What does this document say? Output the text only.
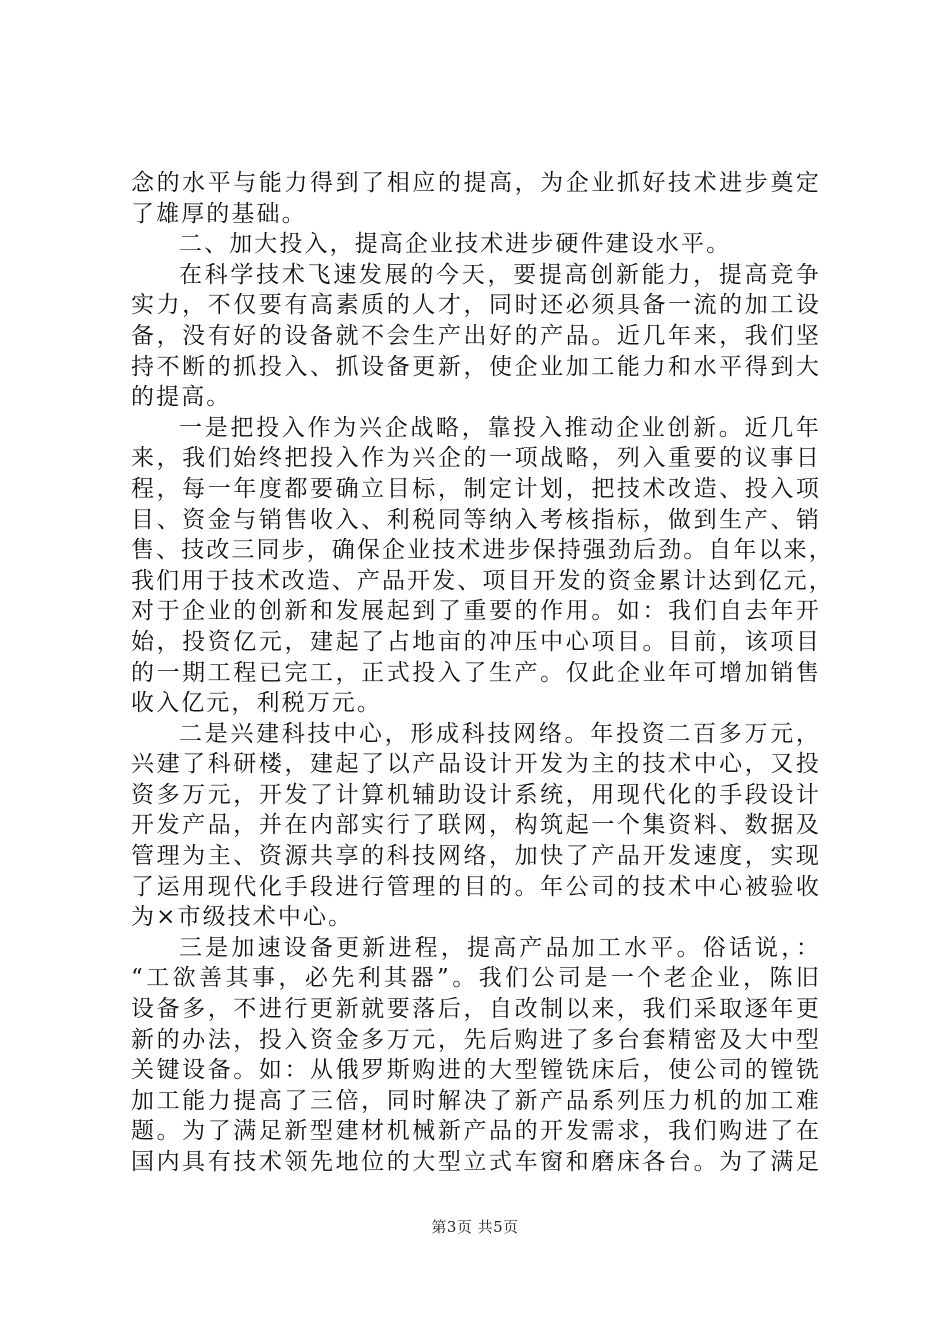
念的水平与能力得到了相应的提高，为企业抓好技术进步奠定
了雄厚的基础。
二、加大投入，提高企业技术进步硬件建设水平。
在科学技术飞速发展的今天，要提高创新能力，提高竞争
实力，不仅要有高素质的人才，同时还必须具备一流的加工设
备，没有好的设备就不会生产出好的产品。近几年来，我们坚
持不断的抓投入、抓设备更新，使企业加工能力和水平得到大
的提高。
一是把投入作为兴企战略，靠投入推动企业创新。近几年
来，我们始终把投入作为兴企的一项战略，列入重要的议事日
程，每一年度都要确立目标，制定计划，把技术改造、投入项
目、资金与销售收入、利税同等纳入考核指标，做到生产、销
售、技改三同步，确保企业技术进步保持强劲后劲。自年以来，
我们用于技术改造、产品开发、项目开发的资金累计达到亿元，
对于企业的创新和发展起到了重要的作用。如：我们自去年开
始，投资亿元，建起了占地亩的冲压中心项目。目前，该项目
的一期工程已完工，正式投入了生产。仅此企业年可增加销售
收入亿元，利税万元。
二是兴建科技中心，形成科技网络。年投资二百多万元，
兴建了科研楼，建起了以产品设计开发为主的技术中心，又投
资多万元，开发了计算机辅助设计系统，用现代化的手段设计
开发产品，并在内部实行了联网，构筑起一个集资料、数据及
管理为主、资源共享的科技网络，加快了产品开发速度，实现
了运用现代化手段进行管理的目的。年公司的技术中心被验收
为×市级技术中心。
三是加速设备更新进程，提高产品加工水平。俗话说，：
“工欲善其事，必先利其器”。我们公司是一个老企业，陈旧
设备多，不进行更新就要落后，自改制以来，我们采取逐年更
新的办法，投入资金多万元，先后购进了多台套精密及大中型
关键设备。如：从俄罗斯购进的大型镗铣床后，使公司的镗铣
加工能力提高了三倍，同时解决了新产品系列压力机的加工难
题。为了满足新型建材机械新产品的开发需求，我们购进了在
国内具有技术领先地位的大型立式车窗和磨床各台。为了满足
第3页 共5页
